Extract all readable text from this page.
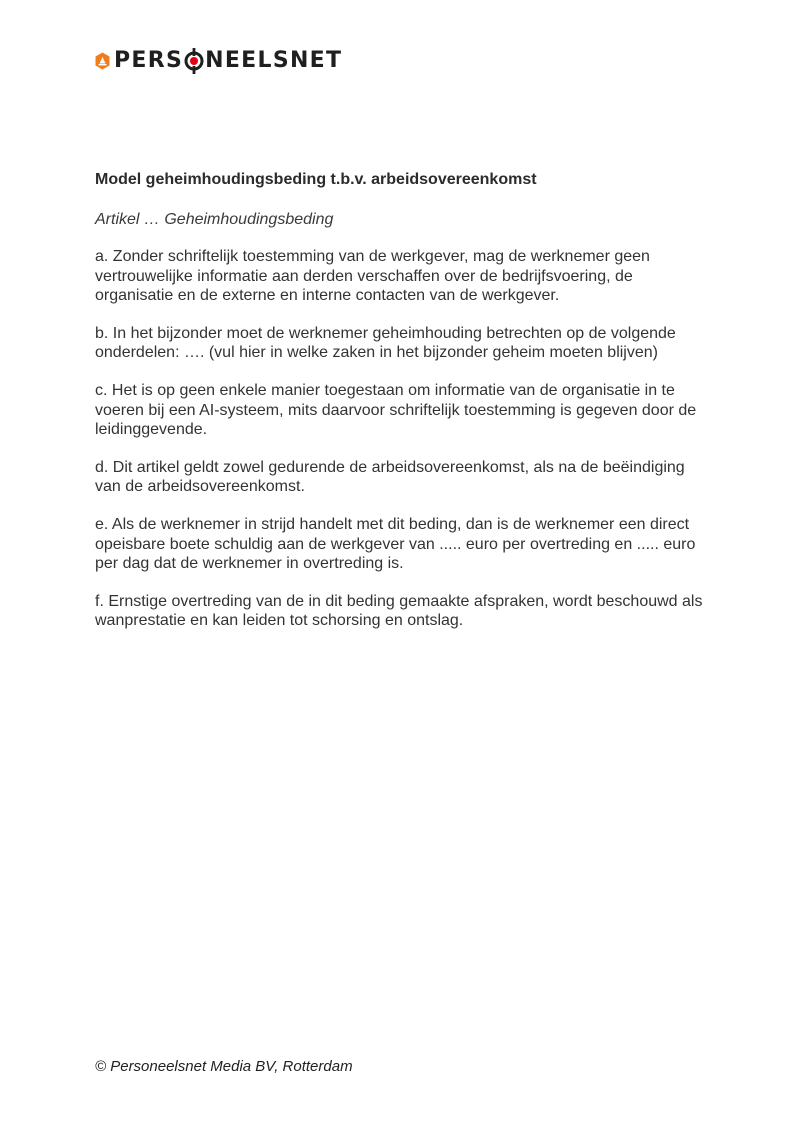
PERS NEELSNET
Model geheimhoudingsbeding t.b.v. arbeidsovereenkomst
Artikel … Geheimhoudingsbeding

a. Zonder schriftelijk toestemming van de werkgever, mag de werknemer geen vertrouwelijke informatie aan derden verschaffen over de bedrijfsvoering, de organisatie en de externe en interne contacten van de werkgever.

b. In het bijzonder moet de werknemer geheimhouding betrechten op de volgende onderdelen: …. (vul hier in welke zaken in het bijzonder geheim moeten blijven)

c. Het is op geen enkele manier toegestaan om informatie van de organisatie in te voeren bij een AI-systeem, mits daarvoor schriftelijk toestemming is gegeven door de leidinggevende.

d. Dit artikel geldt zowel gedurende de arbeidsovereenkomst, als na de beëindiging van de arbeidsovereenkomst.

e. Als de werknemer in strijd handelt met dit beding, dan is de werknemer een direct opeisbare boete schuldig aan de werkgever van ..... euro per overtreding en ..... euro per dag dat de werknemer in overtreding is.

f. Ernstige overtreding van de in dit beding gemaakte afspraken, wordt beschouwd als wanprestatie en kan leiden tot schorsing en ontslag.

© Personeelsnet Media BV, Rotterdam
